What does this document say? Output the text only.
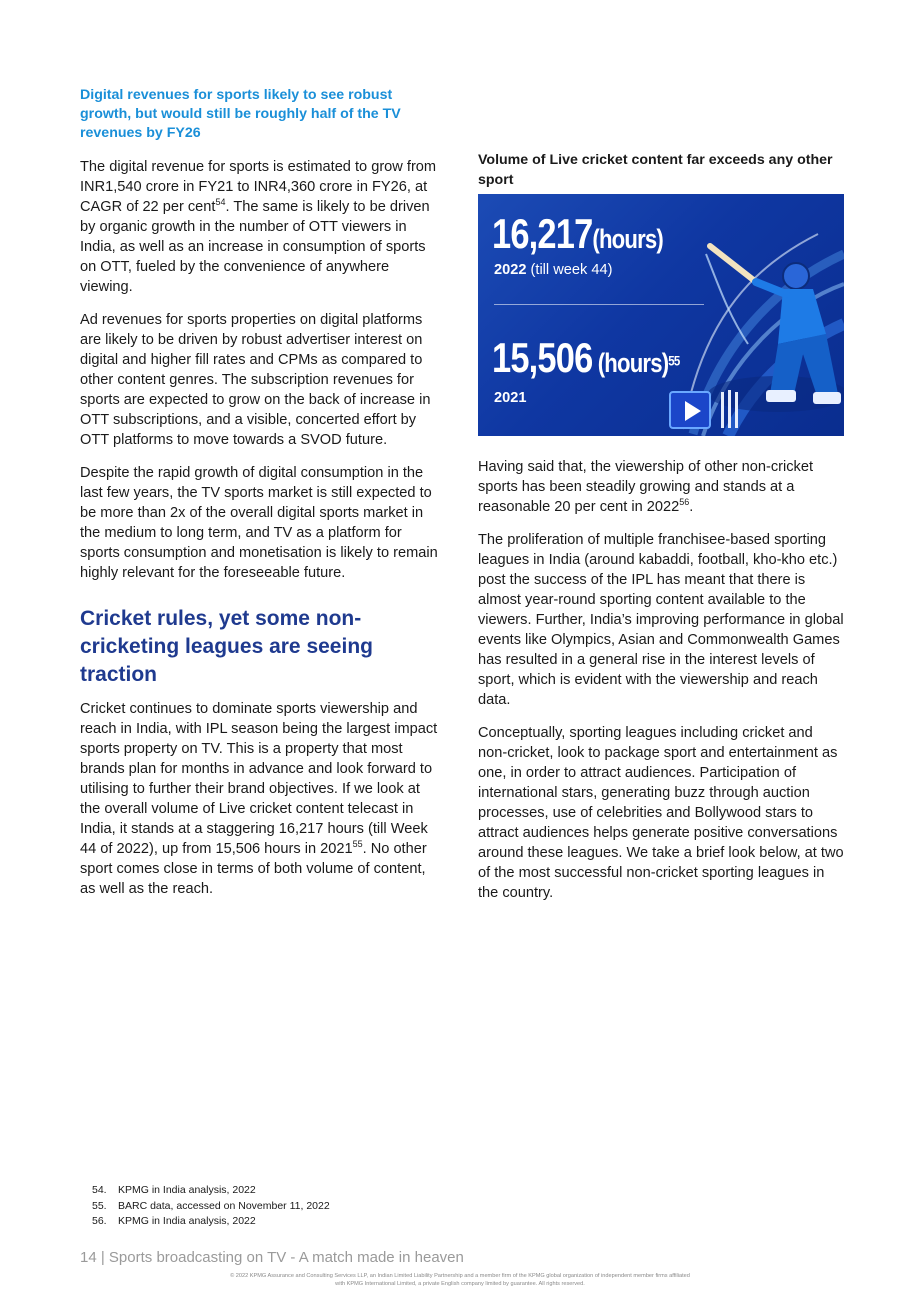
Digital revenues for sports likely to see robust growth, but would still be roughly half of the TV revenues by FY26

The digital revenue for sports is estimated to grow from INR1,540 crore in FY21 to INR4,360 crore in FY26, at CAGR of 22 per cent$^{54}$. The same is likely to be driven by organic growth in the number of OTT viewers in India, as well as an increase in consumption of sports on OTT, fueled by the convenience of anywhere viewing.

Ad revenues for sports properties on digital platforms are likely to be driven by robust advertiser interest on digital and higher fill rates and CPMs as compared to other content genres. The subscription revenues for sports are expected to grow on the back of increase in OTT subscriptions, and a visible, concerted effort by OTT platforms to move towards a SVOD future.

Despite the rapid growth of digital consumption in the last few years, the TV sports market is still expected to be more than 2x of the overall digital sports market in the medium to long term, and TV as a platform for sports consumption and monetisation is likely to remain highly relevant for the foreseeable future.

Cricket rules, yet some non-cricketing leagues are seeing traction

Cricket continues to dominate sports viewership and reach in India, with IPL season being the largest impact sports property on TV. This is a property that most brands plan for months in advance and look forward to utilising to further their brand objectives. If we look at the overall volume of Live cricket content telecast in India, it stands at a staggering 16,217 hours (till Week 44 of 2022), up from 15,506 hours in 2021$^{55}$. No other sport comes close in terms of both volume of content, as well as the reach.

Volume of Live cricket content far exceeds any other sport
16,217(hours)
2022 (till week 44)
15,506 (hours)$^{55}$
2021

Having said that, the viewership of other non-cricket sports has been steadily growing and stands at a reasonable 20 per cent in 2022$^{56}$.

The proliferation of multiple franchisee-based sporting leagues in India (around kabaddi, football, kho-kho etc.) post the success of the IPL has meant that there is almost year-round sporting content available to the viewers. Further, India’s improving performance in global events like Olympics, Asian and Commonwealth Games has resulted in a general rise in the interest levels of sport, which is evident with the viewership and reach data.

Conceptually, sporting leagues including cricket and non-cricket, look to package sport and entertainment as one, in order to attract audiences. Participation of international stars, generating buzz through auction processes, use of celebrities and Bollywood stars to attract audiences helps generate positive conversations around these leagues. We take a brief look below, at two of the most successful non-cricket sporting leagues in the country.

54.	KPMG in India analysis, 2022
55.	BARC data, accessed on November 11, 2022
56.	KPMG in India analysis, 2022
14 | Sports broadcasting on TV - A match made in heaven
© 2022 KPMG Assurance and Consulting Services LLP, an Indian Limited Liability Partnership and a member firm of the KPMG global organization of independent member firms affiliated
with KPMG International Limited, a private English company limited by guarantee. All rights reserved.
